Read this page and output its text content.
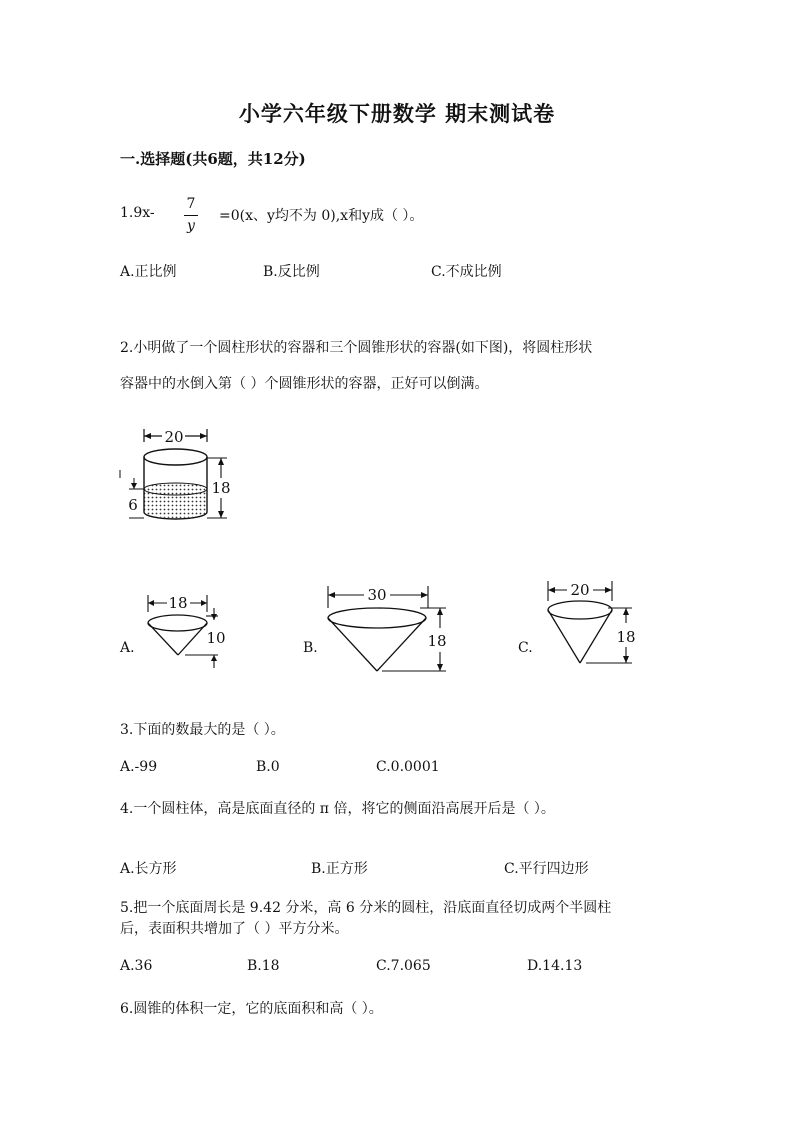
小学六年级下册数学 期末测试卷
一.选择题(共6题，共12分)
1.9x-
7
y
=0(x、y均不为 0),x和y成（ ）。
A.正比例	B.反比例	C.不成比例
2.小明做了一个圆柱形状的容器和三个圆锥形状的容器(如下图)，将圆柱形状
容器中的水倒入第（ ）个圆锥形状的容器，正好可以倒满。
20
18
6
A.
18
10
B.
30
18	C.
20
18
3.下面的数最大的是（ ）。
A.-99	B.0	C.0.0001
4.一个圆柱体，高是底面直径的 π 倍，将它的侧面沿高展开后是（ ）。
A.长方形	B.正方形	C.平行四边形
5.把一个底面周长是 9.42 分米，高 6 分米的圆柱，沿底面直径切成两个半圆柱
后，表面积共增加了（ ）平方分米。
A.36	B.18	C.7.065	D.14.13
6.圆锥的体积一定，它的底面积和高（ ）。
